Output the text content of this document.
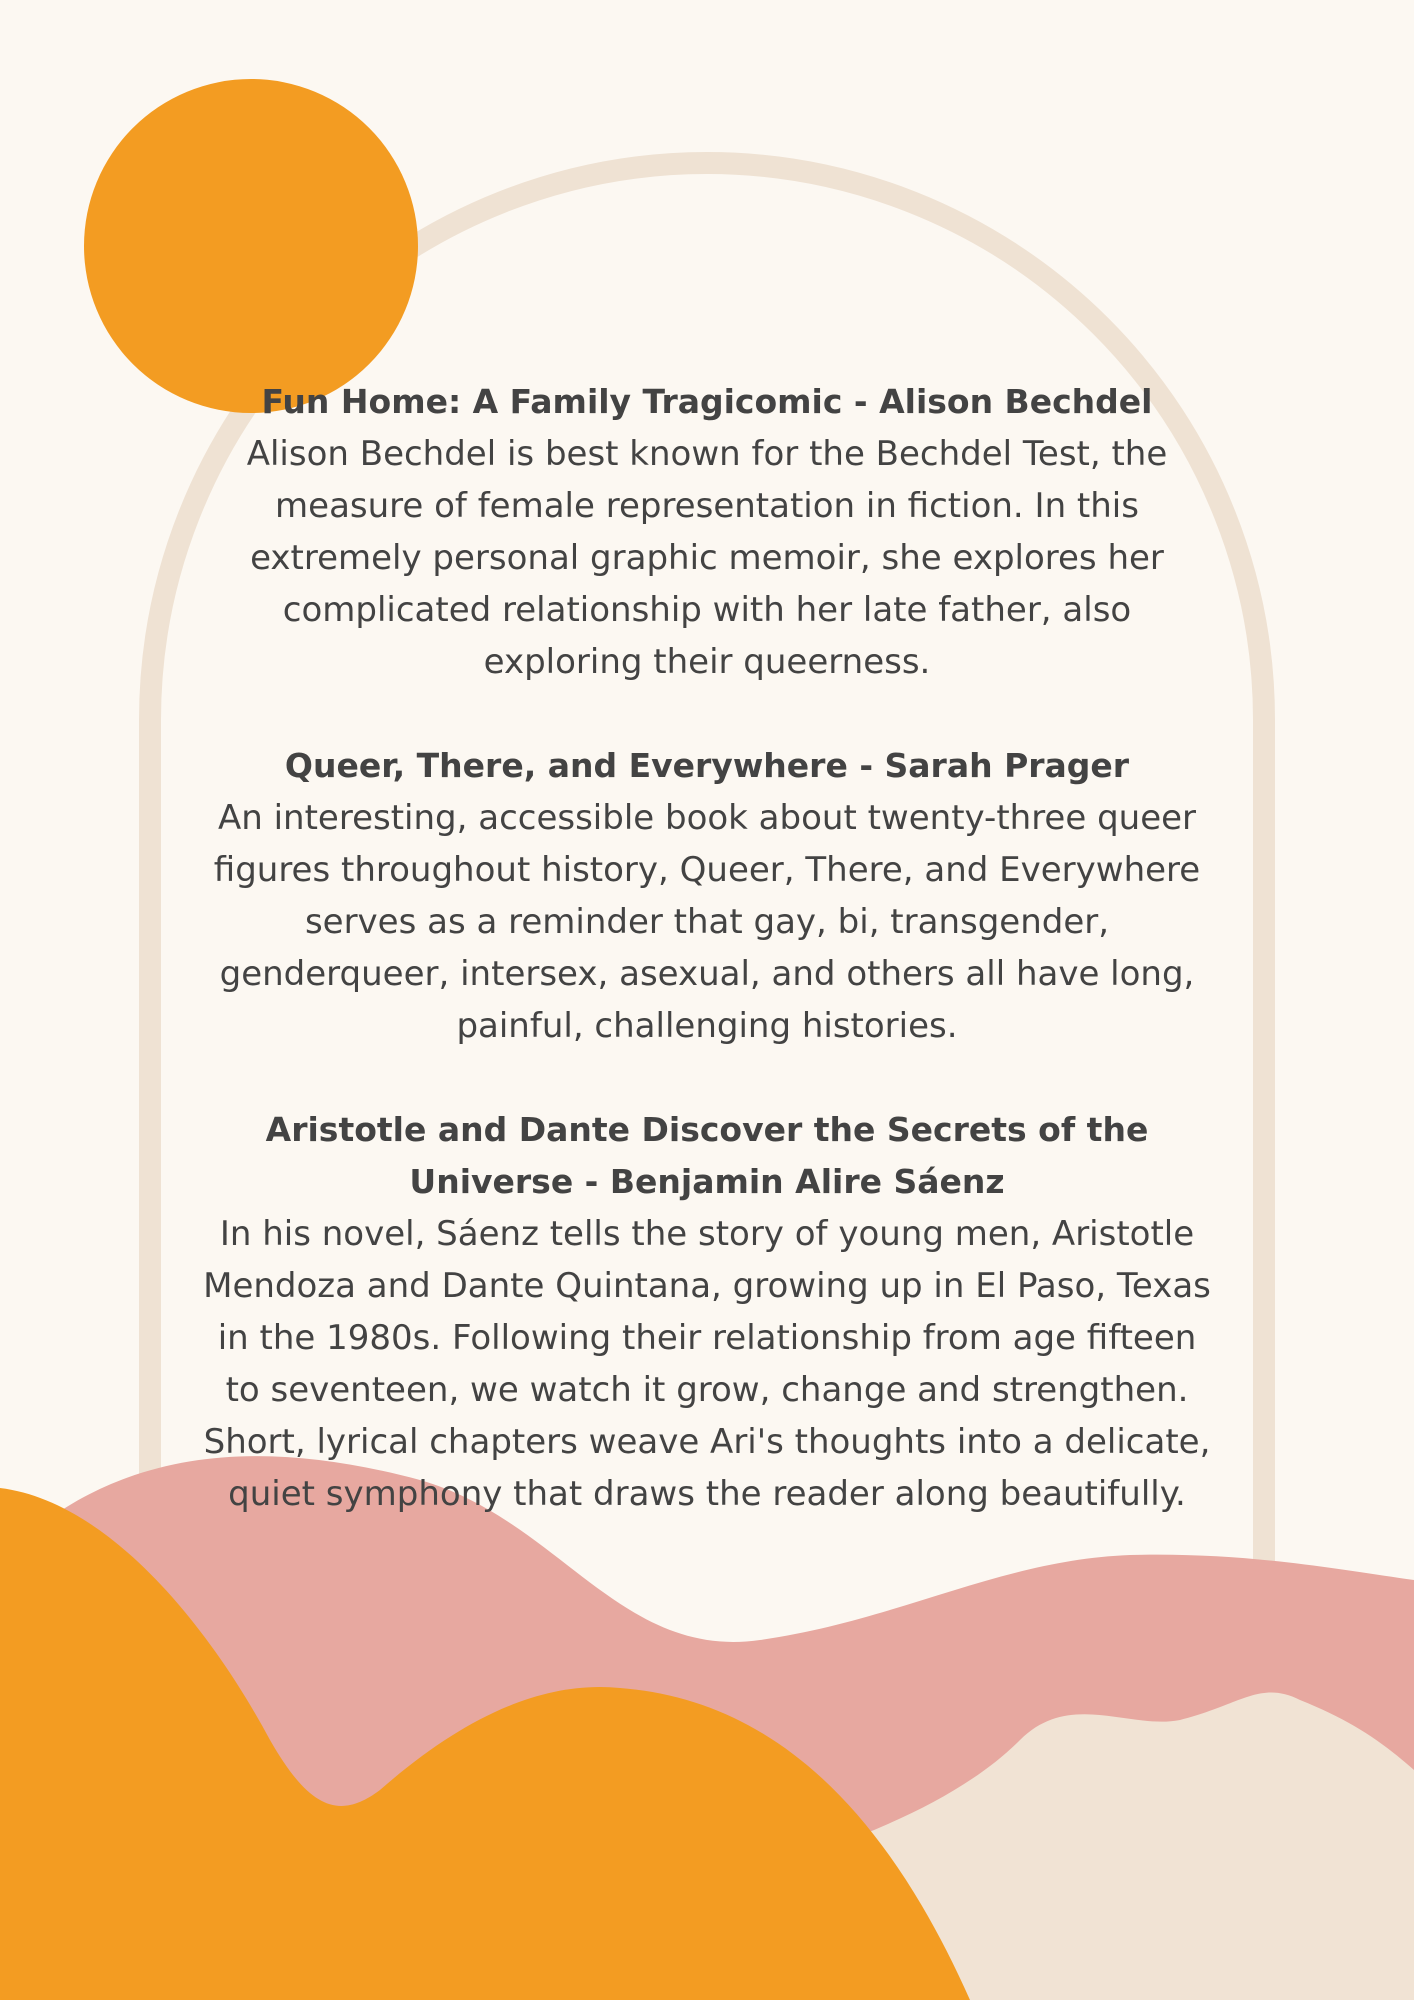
Fun Home: A Family Tragicomic - Alison Bechdel

Alison Bechdel is best known for the Bechdel Test, the measure of female representation in fiction. In this extremely personal graphic memoir, she explores her complicated relationship with her late father, also exploring their queerness.

Queer, There, and Everywhere - Sarah Prager

An interesting, accessible book about twenty-three queer figures throughout history, Queer, There, and Everywhere serves as a reminder that gay, bi, transgender, genderqueer, intersex, asexual, and others all have long, painful, challenging histories.

Aristotle and Dante Discover the Secrets of the Universe - Benjamin Alire Sáenz

In his novel, Sáenz tells the story of young men, Aristotle Mendoza and Dante Quintana, growing up in El Paso, Texas in the 1980s. Following their relationship from age fifteen to seventeen, we watch it grow, change and strengthen. Short, lyrical chapters weave Ari's thoughts into a delicate, quiet symphony that draws the reader along beautifully.
